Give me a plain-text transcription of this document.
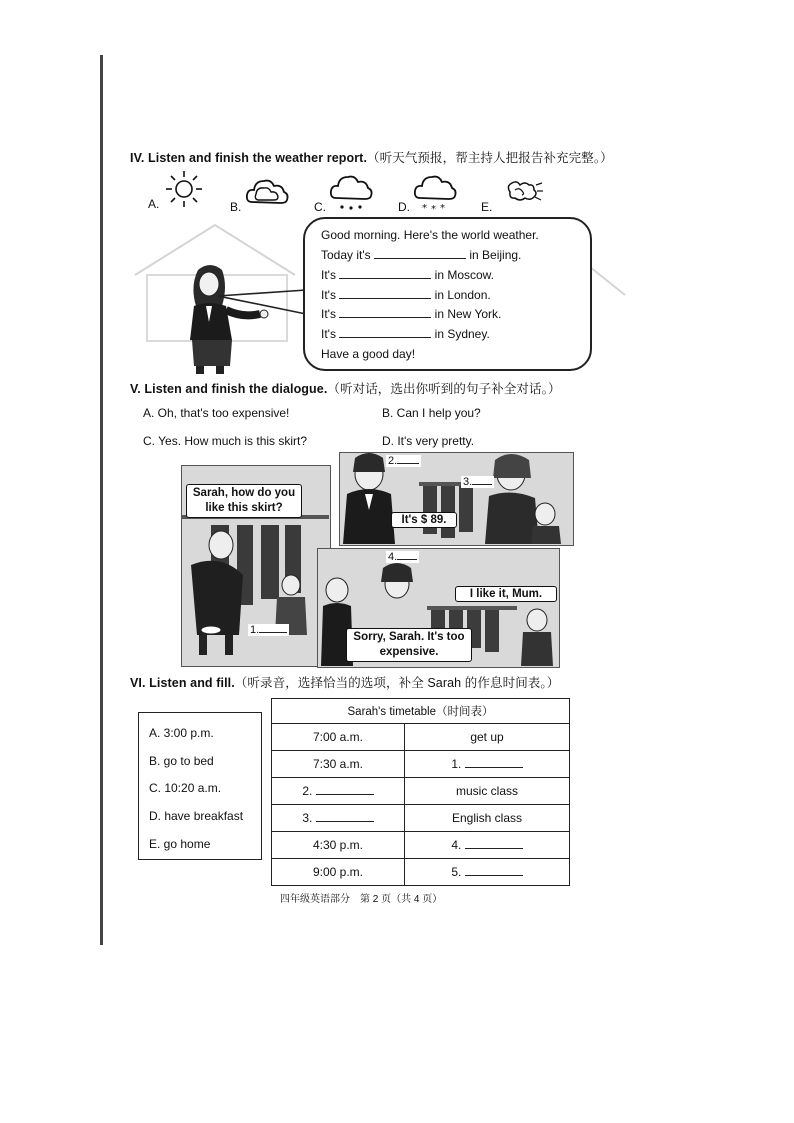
IV. Listen and finish the weather report.（听天气预报，帮主持人把报告补充完整。）
A.	B.	C.	D.	E.
* * *
Good morning. Here's the world weather.
Today it's	in Beijing.
It's	in Moscow.
It's	in London.
It's	in New York.
It's	in Sydney.
Have a good day!
V. Listen and finish the dialogue.（听对话，选出你听到的句子补全对话。）
A. Oh, that's too expensive!	B. Can I help you?
C. Yes. How much is this skirt?	D. It's very pretty.
Sarah, how do you like this skirt?
It's $ 89.
I like it, Mum.
Sorry, Sarah. It's too expensive.
1.
2.
3.
4.
VI. Listen and fill.（听录音，选择恰当的选项，补全 Sarah 的作息时间表。）
A. 3:00 p.m.
B. go to bed
C. 10:20 a.m.
D. have breakfast
E. go home
Sarah's timetable（时间表）	
7:00 a.m.	get up
7:30 a.m.	1.
2.	music class
3.	English class
4:30 p.m.	4.
9:00 p.m.	5.
四年级英语部分　第 2 页（共 4 页）
